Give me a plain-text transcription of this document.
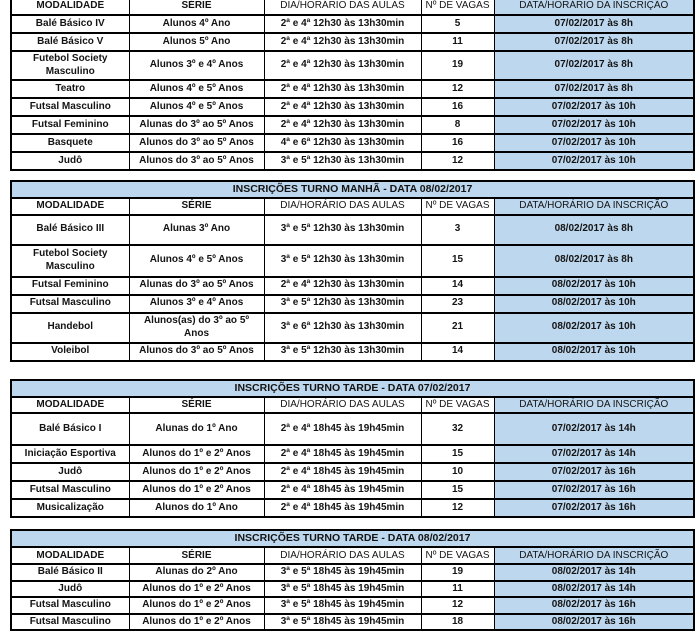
MODALIDADE	SÉRIE	DIA/HORÁRIO DAS AULAS	Nº DE VAGAS	DATA/HORÁRIO DA INSCRIÇÃO
Balé Básico IV	Alunos 4º Ano	2ª e 4ª 12h30 às 13h30min	5	07/02/2017 às 8h
Balé Básico V	Alunos 5º Ano	2ª e 4ª 12h30 às 13h30min	11	07/02/2017 às 8h
Futebol Society Masculino	Alunos 3º e 4º Anos	2ª e 4ª 12h30 às 13h30min	19	07/02/2017 às 8h
Teatro	Alunos 4º e 5º Anos	2ª e 4ª 12h30 às 13h30min	12	07/02/2017 às 8h
Futsal Masculino	Alunos 4º e 5º Anos	2ª e 4ª 12h30 às 13h30min	16	07/02/2017 às 10h
Futsal Feminino	Alunas do 3º ao 5º Anos	2ª e 4ª 12h30 às 13h30min	8	07/02/2017 às 10h
Basquete	Alunos do 3º ao 5º Anos	4ª e 6ª 12h30 às 13h30min	16	07/02/2017 às 10h
Judô	Alunos do 3º ao 5º Anos	3ª e 5ª 12h30 às 13h30min	12	07/02/2017 às 10h
INSCRIÇÕES TURNO MANHÃ - DATA 08/02/2017				
MODALIDADE	SÉRIE	DIA/HORÁRIO DAS AULAS	Nº DE VAGAS	DATA/HORÁRIO DA INSCRIÇÃO
Balé Básico III	Alunas 3º Ano	3ª e 5ª 12h30 às 13h30min	3	08/02/2017 às 8h
Futebol Society Masculino	Alunos 4º e 5º Anos	3ª e 5ª 12h30 às 13h30min	15	08/02/2017 às 8h
Futsal Feminino	Alunas do 3º ao 5º Anos	2ª e 4ª 12h30 às 13h30min	14	08/02/2017 às 10h
Futsal Masculino	Alunos 3º e 4º Anos	3ª e 5ª 12h30 às 13h30min	23	08/02/2017 às 10h
Handebol	Alunos(as) do 3º ao 5º Anos	3ª e 6ª 12h30 às 13h30min	21	08/02/2017 às 10h
Voleibol	Alunos do 3º ao 5º Anos	3ª e 5ª 12h30 às 13h30min	14	08/02/2017 às 10h
INSCRIÇÕES TURNO TARDE - DATA 07/02/2017				
MODALIDADE	SÉRIE	DIA/HORÁRIO DAS AULAS	Nº DE VAGAS	DATA/HORÁRIO DA INSCRIÇÃO
Balé Básico I	Alunas do 1º Ano	2ª e 4ª 18h45 às 19h45min	32	07/02/2017 às 14h
Iniciação Esportiva	Alunos do 1º e 2º Anos	2ª e 4ª 18h45 às 19h45min	15	07/02/2017 às 14h
Judô	Alunos do 1º e 2º Anos	2ª e 4ª 18h45 às 19h45min	10	07/02/2017 às 16h
Futsal Masculino	Alunos do 1º e 2º Anos	2ª e 4ª 18h45 às 19h45min	15	07/02/2017 às 16h
Musicalização	Alunos do 1º Ano	2ª e 4ª 18h45 às 19h45min	12	07/02/2017 às 16h
INSCRIÇÕES TURNO TARDE - DATA 08/02/2017				
MODALIDADE	SÉRIE	DIA/HORÁRIO DAS AULAS	Nº DE VAGAS	DATA/HORÁRIO DA INSCRIÇÃO
Balé Básico II	Alunas do 2º Ano	3ª e 5ª 18h45 às 19h45min	19	08/02/2017 às 14h
Judô	Alunos do 1º e 2º Anos	3ª e 5ª 18h45 às 19h45min	11	08/02/2017 às 14h
Futsal Masculino	Alunos do 1º e 2º Anos	3ª e 5ª 18h45 às 19h45min	12	08/02/2017 às 16h
Futsal Masculino	Alunos do 1º e 2º Anos	3ª e 5ª 18h45 às 19h45min	18	08/02/2017 às 16h
